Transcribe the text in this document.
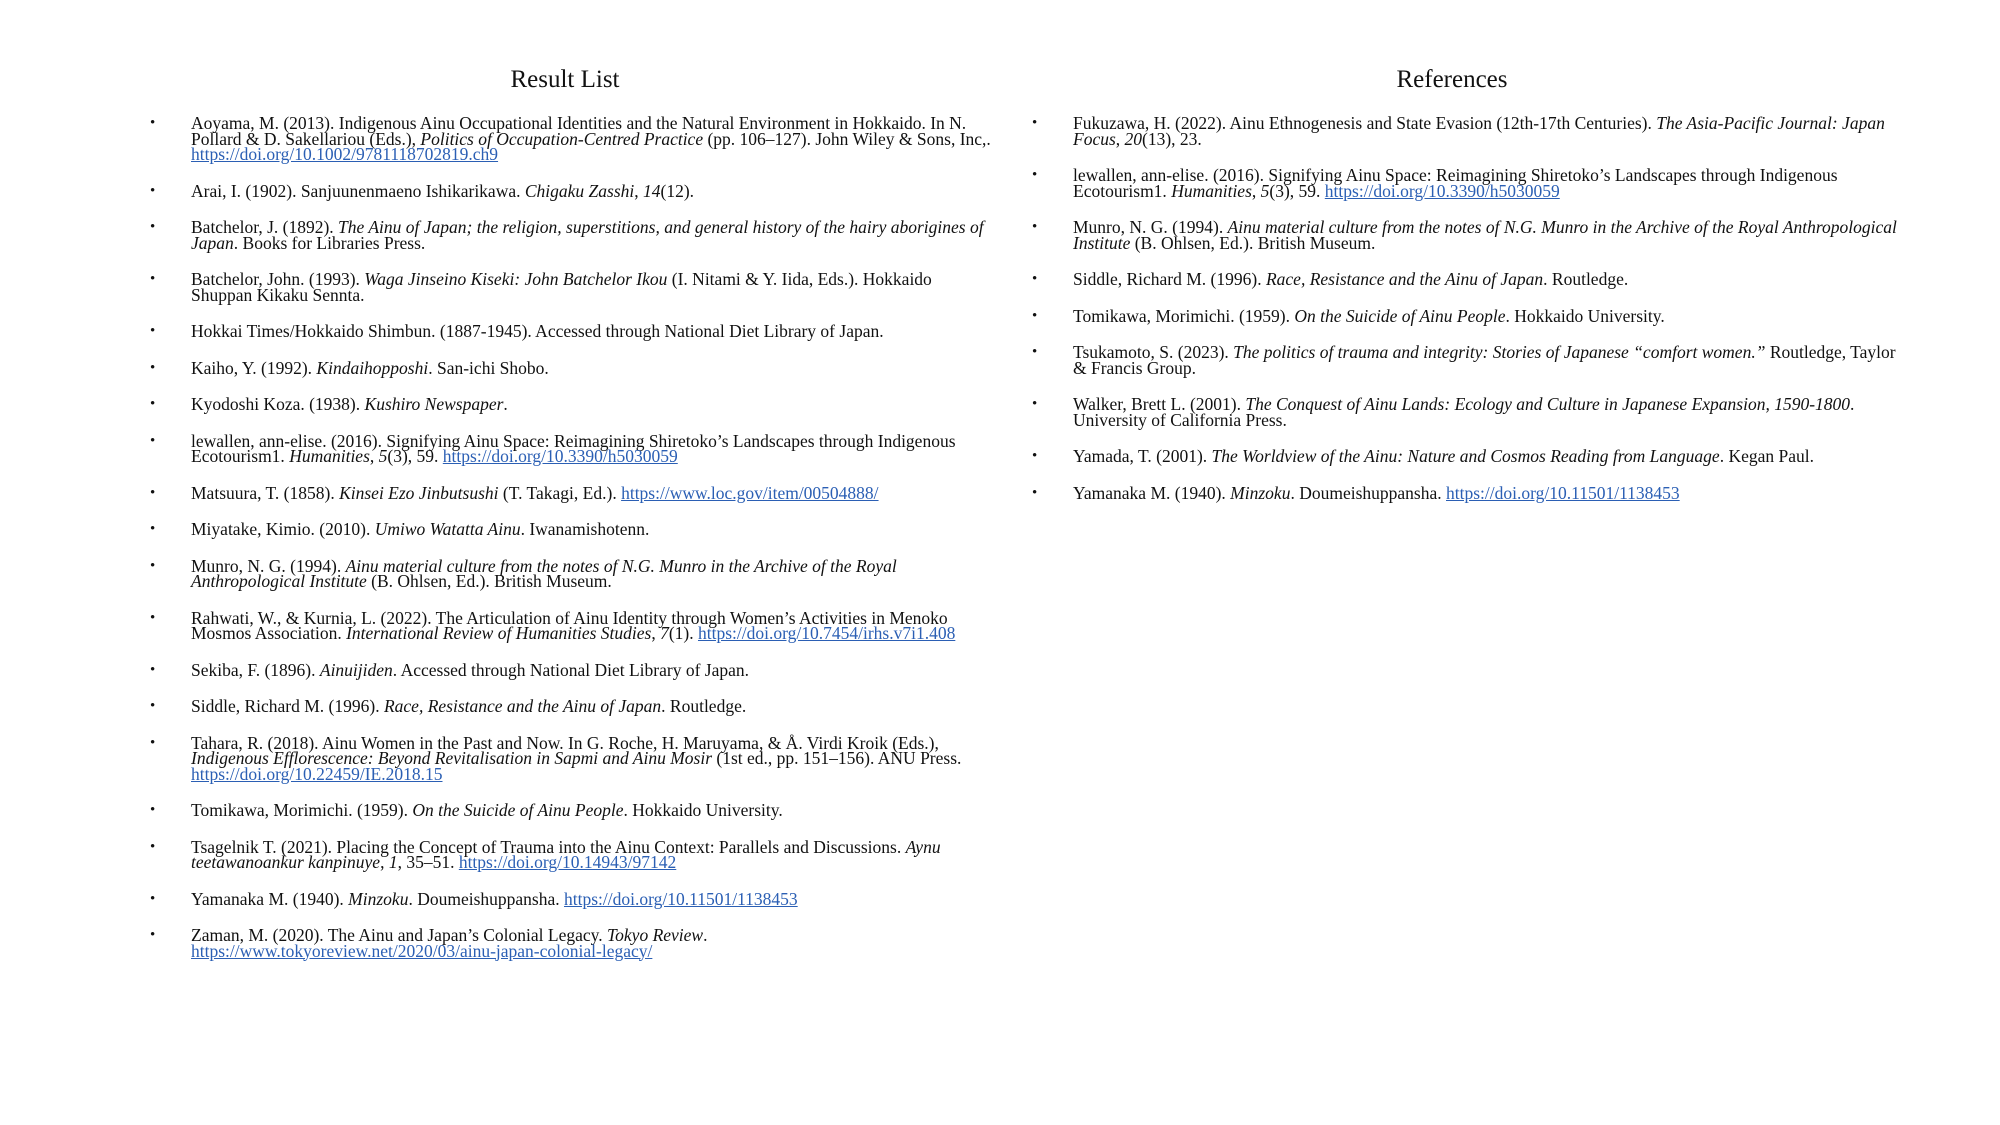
Result List
• Aoyama, M. (2013). Indigenous Ainu Occupational Identities and the Natural Environment in Hokkaido. In N. Pollard & D. Sakellariou (Eds.), Politics of Occupation-Centred Practice (pp. 106–127). John Wiley & Sons, Inc,. https://doi.org/10.1002/9781118702819.ch9
• Arai, I. (1902). Sanjuunenmaeno Ishikarikawa. Chigaku Zasshi, 14(12).
• Batchelor, J. (1892). The Ainu of Japan; the religion, superstitions, and general history of the hairy aborigines of Japan. Books for Libraries Press.
• Batchelor, John. (1993). Waga Jinseino Kiseki: John Batchelor Ikou (I. Nitami & Y. Iida, Eds.). Hokkaido Shuppan Kikaku Sennta.
• Hokkai Times/Hokkaido Shimbun. (1887-1945). Accessed through National Diet Library of Japan.
• Kaiho, Y. (1992). Kindaihopposhi. San-ichi Shobo.
• Kyodoshi Koza. (1938). Kushiro Newspaper.
• lewallen, ann-elise. (2016). Signifying Ainu Space: Reimagining Shiretoko’s Landscapes through Indigenous Ecotourism1. Humanities, 5(3), 59. https://doi.org/10.3390/h5030059
• Matsuura, T. (1858). Kinsei Ezo Jinbutsushi (T. Takagi, Ed.). https://www.loc.gov/item/00504888/
• Miyatake, Kimio. (2010). Umiwo Watatta Ainu. Iwanamishotenn.
• Munro, N. G. (1994). Ainu material culture from the notes of N.G. Munro in the Archive of the Royal Anthropological Institute (B. Ohlsen, Ed.). British Museum.
• Rahwati, W., & Kurnia, L. (2022). The Articulation of Ainu Identity through Women’s Activities in Menoko Mosmos Association. International Review of Humanities Studies, 7(1). https://doi.org/10.7454/irhs.v7i1.408
• Sekiba, F. (1896). Ainuijiden. Accessed through National Diet Library of Japan.
• Siddle, Richard M. (1996). Race, Resistance and the Ainu of Japan. Routledge.
• Tahara, R. (2018). Ainu Women in the Past and Now. In G. Roche, H. Maruyama, & Å. Virdi Kroik (Eds.), Indigenous Efflorescence: Beyond Revitalisation in Sapmi and Ainu Mosir (1st ed., pp. 151–156). ANU Press. https://doi.org/10.22459/IE.2018.15
• Tomikawa, Morimichi. (1959). On the Suicide of Ainu People. Hokkaido University.
• Tsagelnik T. (2021). Placing the Concept of Trauma into the Ainu Context: Parallels and Discussions. Aynu teetawanoankur kanpinuye, 1, 35–51. https://doi.org/10.14943/97142
• Yamanaka M. (1940). Minzoku. Doumeishuppansha. https://doi.org/10.11501/1138453
• Zaman, M. (2020). The Ainu and Japan’s Colonial Legacy. Tokyo Review. https://www.tokyoreview.net/2020/03/ainu-japan-colonial-legacy/
References
• Fukuzawa, H. (2022). Ainu Ethnogenesis and State Evasion (12th-17th Centuries). The Asia-Pacific Journal: Japan Focus, 20(13), 23.
• lewallen, ann-elise. (2016). Signifying Ainu Space: Reimagining Shiretoko’s Landscapes through Indigenous Ecotourism1. Humanities, 5(3), 59. https://doi.org/10.3390/h5030059
• Munro, N. G. (1994). Ainu material culture from the notes of N.G. Munro in the Archive of the Royal Anthropological Institute (B. Ohlsen, Ed.). British Museum.
• Siddle, Richard M. (1996). Race, Resistance and the Ainu of Japan. Routledge.
• Tomikawa, Morimichi. (1959). On the Suicide of Ainu People. Hokkaido University.
• Tsukamoto, S. (2023). The politics of trauma and integrity: Stories of Japanese “comfort women.” Routledge, Taylor & Francis Group.
• Walker, Brett L. (2001). The Conquest of Ainu Lands: Ecology and Culture in Japanese Expansion, 1590-1800. University of California Press.
• Yamada, T. (2001). The Worldview of the Ainu: Nature and Cosmos Reading from Language. Kegan Paul.
• Yamanaka M. (1940). Minzoku. Doumeishuppansha. https://doi.org/10.11501/1138453
